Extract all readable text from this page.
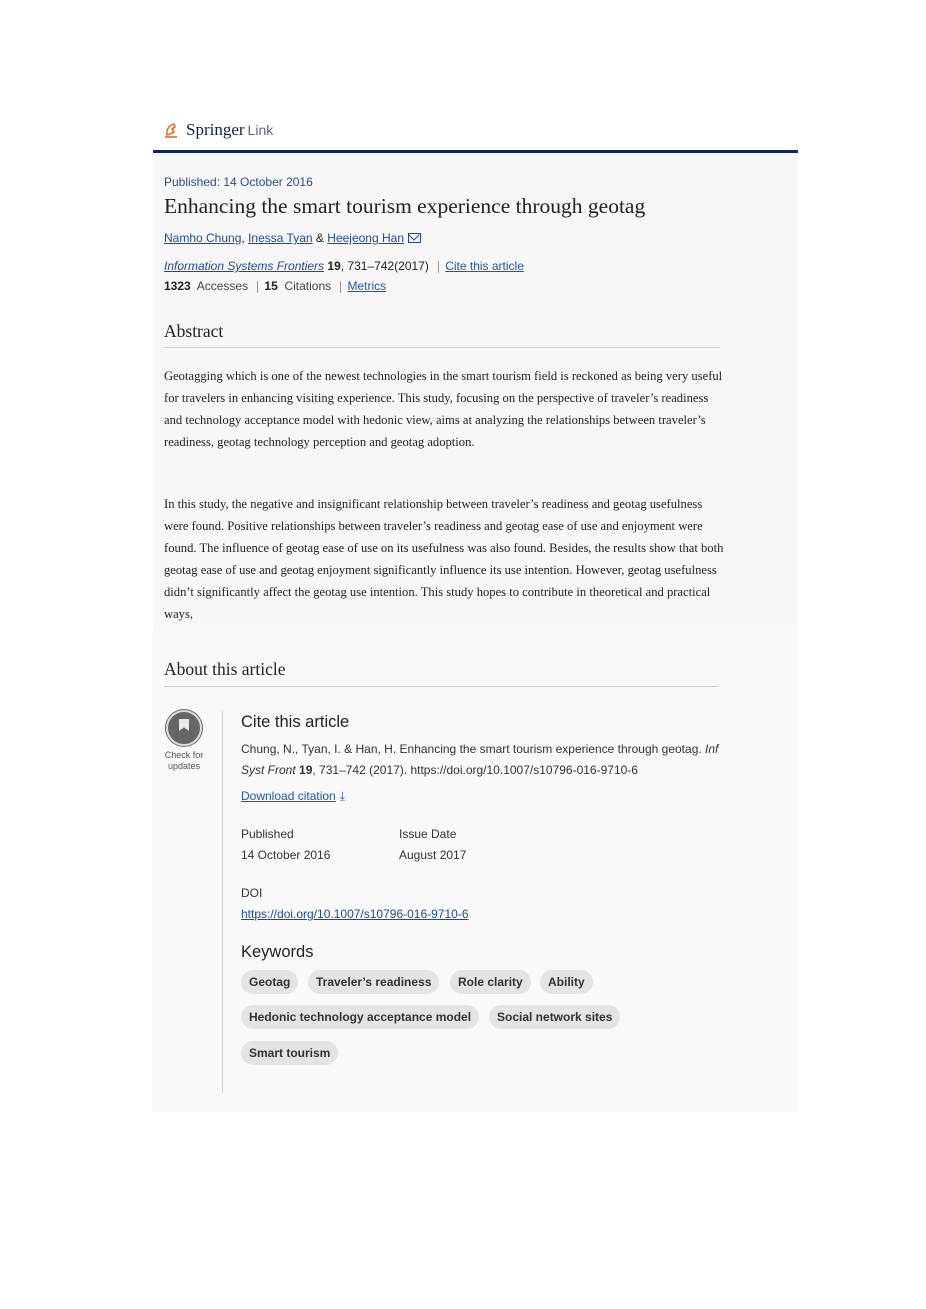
Springer Link
Published: 14 October 2016
Enhancing the smart tourism experience through geotag
Namho Chung ,
Inessa Tyan
&
Heejeong Han
Information Systems Frontiers 19, 731–742(2017) Cite this article
1323 Accesses 15 Citations Metrics
Abstract
Geotagging which is one of the newest technologies in the smart tourism field is reckoned as being very useful for travelers in enhancing visiting experience. This study, focusing on the perspective of traveler’s readiness and technology acceptance model with hedonic view, aims at analyzing the relationships between traveler’s readiness, geotag technology perception and geotag adoption.
In this study, the negative and insignificant relationship between traveler’s readiness and geotag usefulness were found. Positive relationships between traveler’s readiness and geotag ease of use and enjoyment were found. The influence of geotag ease of use on its usefulness was also found. Besides, the results show that both geotag ease of use and geotag enjoyment significantly influence its use intention. However, geotag usefulness didn’t significantly affect the geotag use intention. This study hopes to contribute in theoretical and practical ways,
About this article
Check for updates
Cite this article
Chung, N., Tyan, I. & Han, H. Enhancing the smart tourism experience through geotag. Inf Syst Front 19, 731–742 (2017). https://doi.org/10.1007/s10796-016-9710-6
Download citation ⤓
Published
14 October 2016
Issue Date
August 2017
DOI
https://doi.org/10.1007/s10796-016-9710-6
Keywords
Geotag	Traveler’s readiness	Role clarity	Ability
Hedonic technology acceptance model	Social network sites
Smart tourism
